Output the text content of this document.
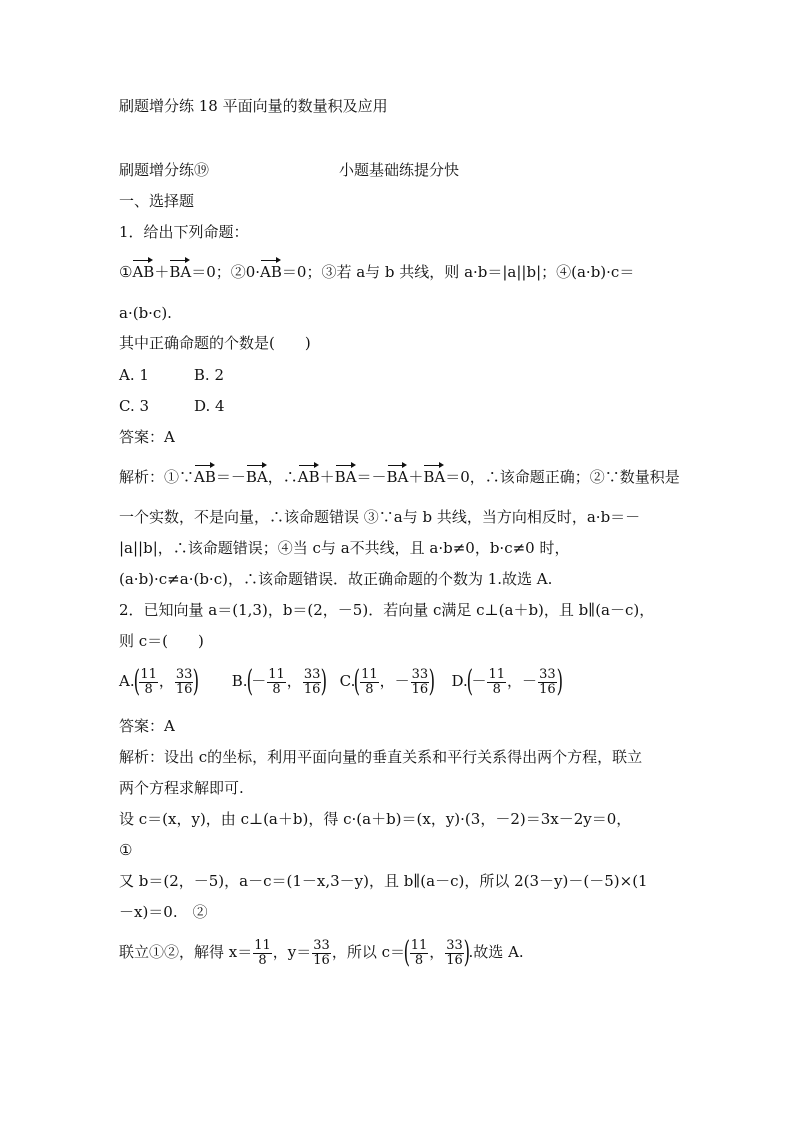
刷题增分练 18 平面向量的数量积及应用
刷题增分练⑲	小题基础练提分快
一、选择题
1．给出下列命题：
①AB＋BA＝0；②0·AB＝0；③若 a与 b 共线，则 a·b＝|a||b|；④(a·b)·c＝
a·(b·c).
其中正确命题的个数是(　　)
A. 1　　　B. 2
C. 3　　　D. 4
答案：A
解析：①∵AB＝－BA，∴AB＋BA＝－BA＋BA＝0，∴该命题正确；②∵数量积是
一个实数，不是向量，∴该命题错误 ③∵a与 b 共线，当方向相反时，a·b＝－
|a||b|，∴该命题错误；④当 c与 a不共线，且 a·b≠0，b·c≠0 时，
(a·b)·c≠a·(b·c)，∴该命题错误．故正确命题的个数为 1.故选 A.
2．已知向量 a＝(1,3)，b＝(2，－5)．若向量 c满足 c⊥(a＋b)，且 b∥(a－c)，
则 c＝(　　)
$A.( \frac{11}{8}$ ， $\frac{33}{16}$ ) $B.(- \frac{11}{8}$ ， $\frac{33}{16}$ ) $C.( \frac{11}{8}$ ，－ $\frac{33}{16}$ ) $D.(- \frac{11}{8}$ ，－ $\frac{33}{16}$ )
答案：A
解析：设出 c的坐标，利用平面向量的垂直关系和平行关系得出两个方程，联立
两个方程求解即可.
设 c＝(x，y)，由 c⊥(a＋b)，得 c·(a＋b)＝(x，y)·(3，－2)＝3x－2y＝0，
①
又 b＝(2，－5)，a－c＝(1－x,3－y)，且 b∥(a－c)，所以 2(3－y)－(－5)×(1
－x)＝0.　②
联立①②，解得 $x= \frac{11}{8}$ ，$y= \frac{33}{16}$ ，所以 $c=( \frac{11}{8}$ ， $\frac{33}{16}$ ).故选 A.
